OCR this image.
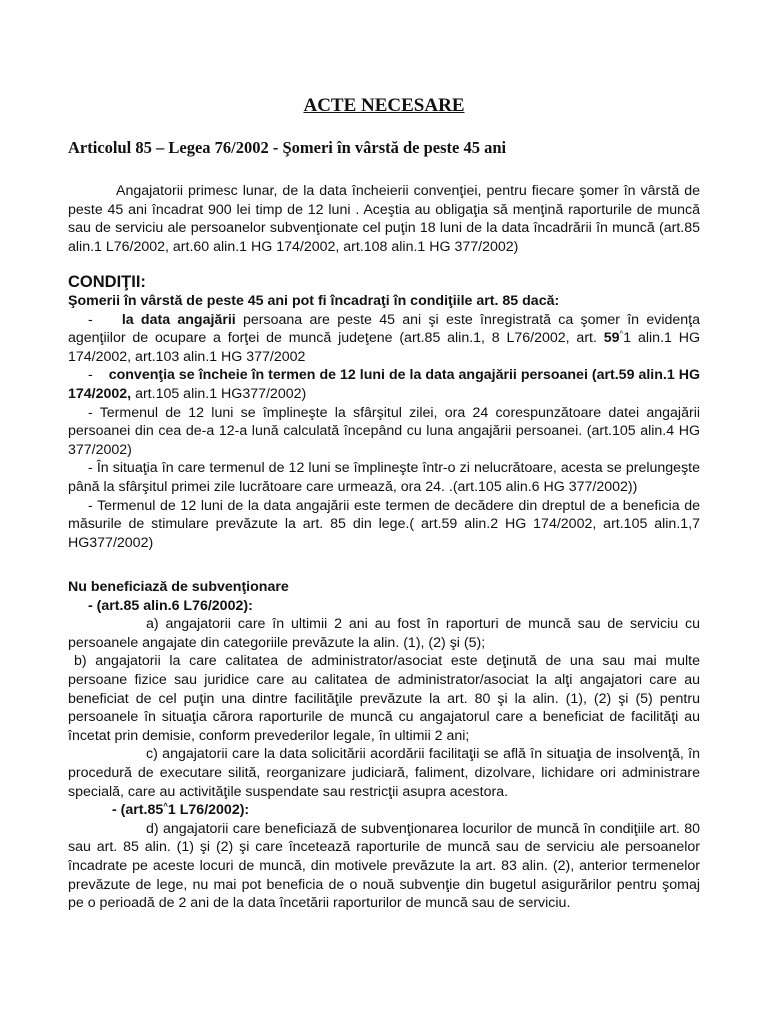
ACTE NECESARE
Articolul 85 – Legea 76/2002 - Şomeri în vârstă de peste 45 ani
Angajatorii primesc lunar, de la data încheierii convenţiei, pentru fiecare şomer în vârstă de peste 45 ani încadrat 900 lei timp de 12 luni . Aceştia au obligaţia să menţină raporturile de muncă sau de serviciu ale persoanelor subvenţionate cel puţin 18 luni de la data încadrării în muncă (art.85 alin.1 L76/2002, art.60 alin.1 HG 174/2002, art.108 alin.1 HG 377/2002)
CONDIŢII:
Şomerii în vârstă de peste 45 ani pot fi încadraţi în condiţiile art. 85 dacă:
- la data angajării persoana are peste 45 ani şi este înregistrată ca şomer în evidenţa agenţiilor de ocupare a forţei de muncă judeţene (art.85 alin.1, 8 L76/2002, art. 59^1 alin.1 HG 174/2002, art.103 alin.1 HG 377/2002
- convenţia se încheie în termen de 12 luni de la data angajării persoanei (art.59 alin.1 HG 174/2002, art.105 alin.1 HG377/2002)
- Termenul de 12 luni se împlineşte la sfârşitul zilei, ora 24 corespunzătoare datei angajării persoanei din cea de-a 12-a lună calculată începând cu luna angajării persoanei. (art.105 alin.4 HG 377/2002)
- În situaţia în care termenul de 12 luni se împlineşte într-o zi nelucrătoare, acesta se prelungeşte până la sfârşitul primei zile lucrătoare care urmează, ora 24. .(art.105 alin.6 HG 377/2002))
- Termenul de 12 luni de la data angajării este termen de decădere din dreptul de a beneficia de măsurile de stimulare prevăzute la art. 85 din lege.( art.59 alin.2 HG 174/2002, art.105 alin.1,7 HG377/2002)
Nu beneficiază de subvenţionare
- (art.85 alin.6 L76/2002):
a) angajatorii care în ultimii 2 ani au fost în raporturi de muncă sau de serviciu cu persoanele angajate din categoriile prevăzute la alin. (1), (2) şi (5);
b) angajatorii la care calitatea de administrator/asociat este deţinută de una sau mai multe persoane fizice sau juridice care au calitatea de administrator/asociat la alţi angajatori care au beneficiat de cel puţin una dintre facilităţile prevăzute la art. 80 şi la alin. (1), (2) şi (5) pentru persoanele în situaţia cărora raporturile de muncă cu angajatorul care a beneficiat de facilităţi au încetat prin demisie, conform prevederilor legale, în ultimii 2 ani;
c) angajatorii care la data solicitării acordării facilitaţii se află în situaţia de insolvenţă, în procedură de executare silită, reorganizare judiciară, faliment, dizolvare, lichidare ori administrare specială, care au activităţile suspendate sau restricţii asupra acestora.
- (art.85^1 L76/2002):
d) angajatorii care beneficiază de subvenţionarea locurilor de muncă în condiţiile art. 80 sau art. 85 alin. (1) şi (2) şi care încetează raporturile de muncă sau de serviciu ale persoanelor încadrate pe aceste locuri de muncă, din motivele prevăzute la art. 83 alin. (2), anterior termenelor prevăzute de lege, nu mai pot beneficia de o nouă subvenţie din bugetul asigurărilor pentru şomaj pe o perioadă de 2 ani de la data încetării raporturilor de muncă sau de serviciu.
